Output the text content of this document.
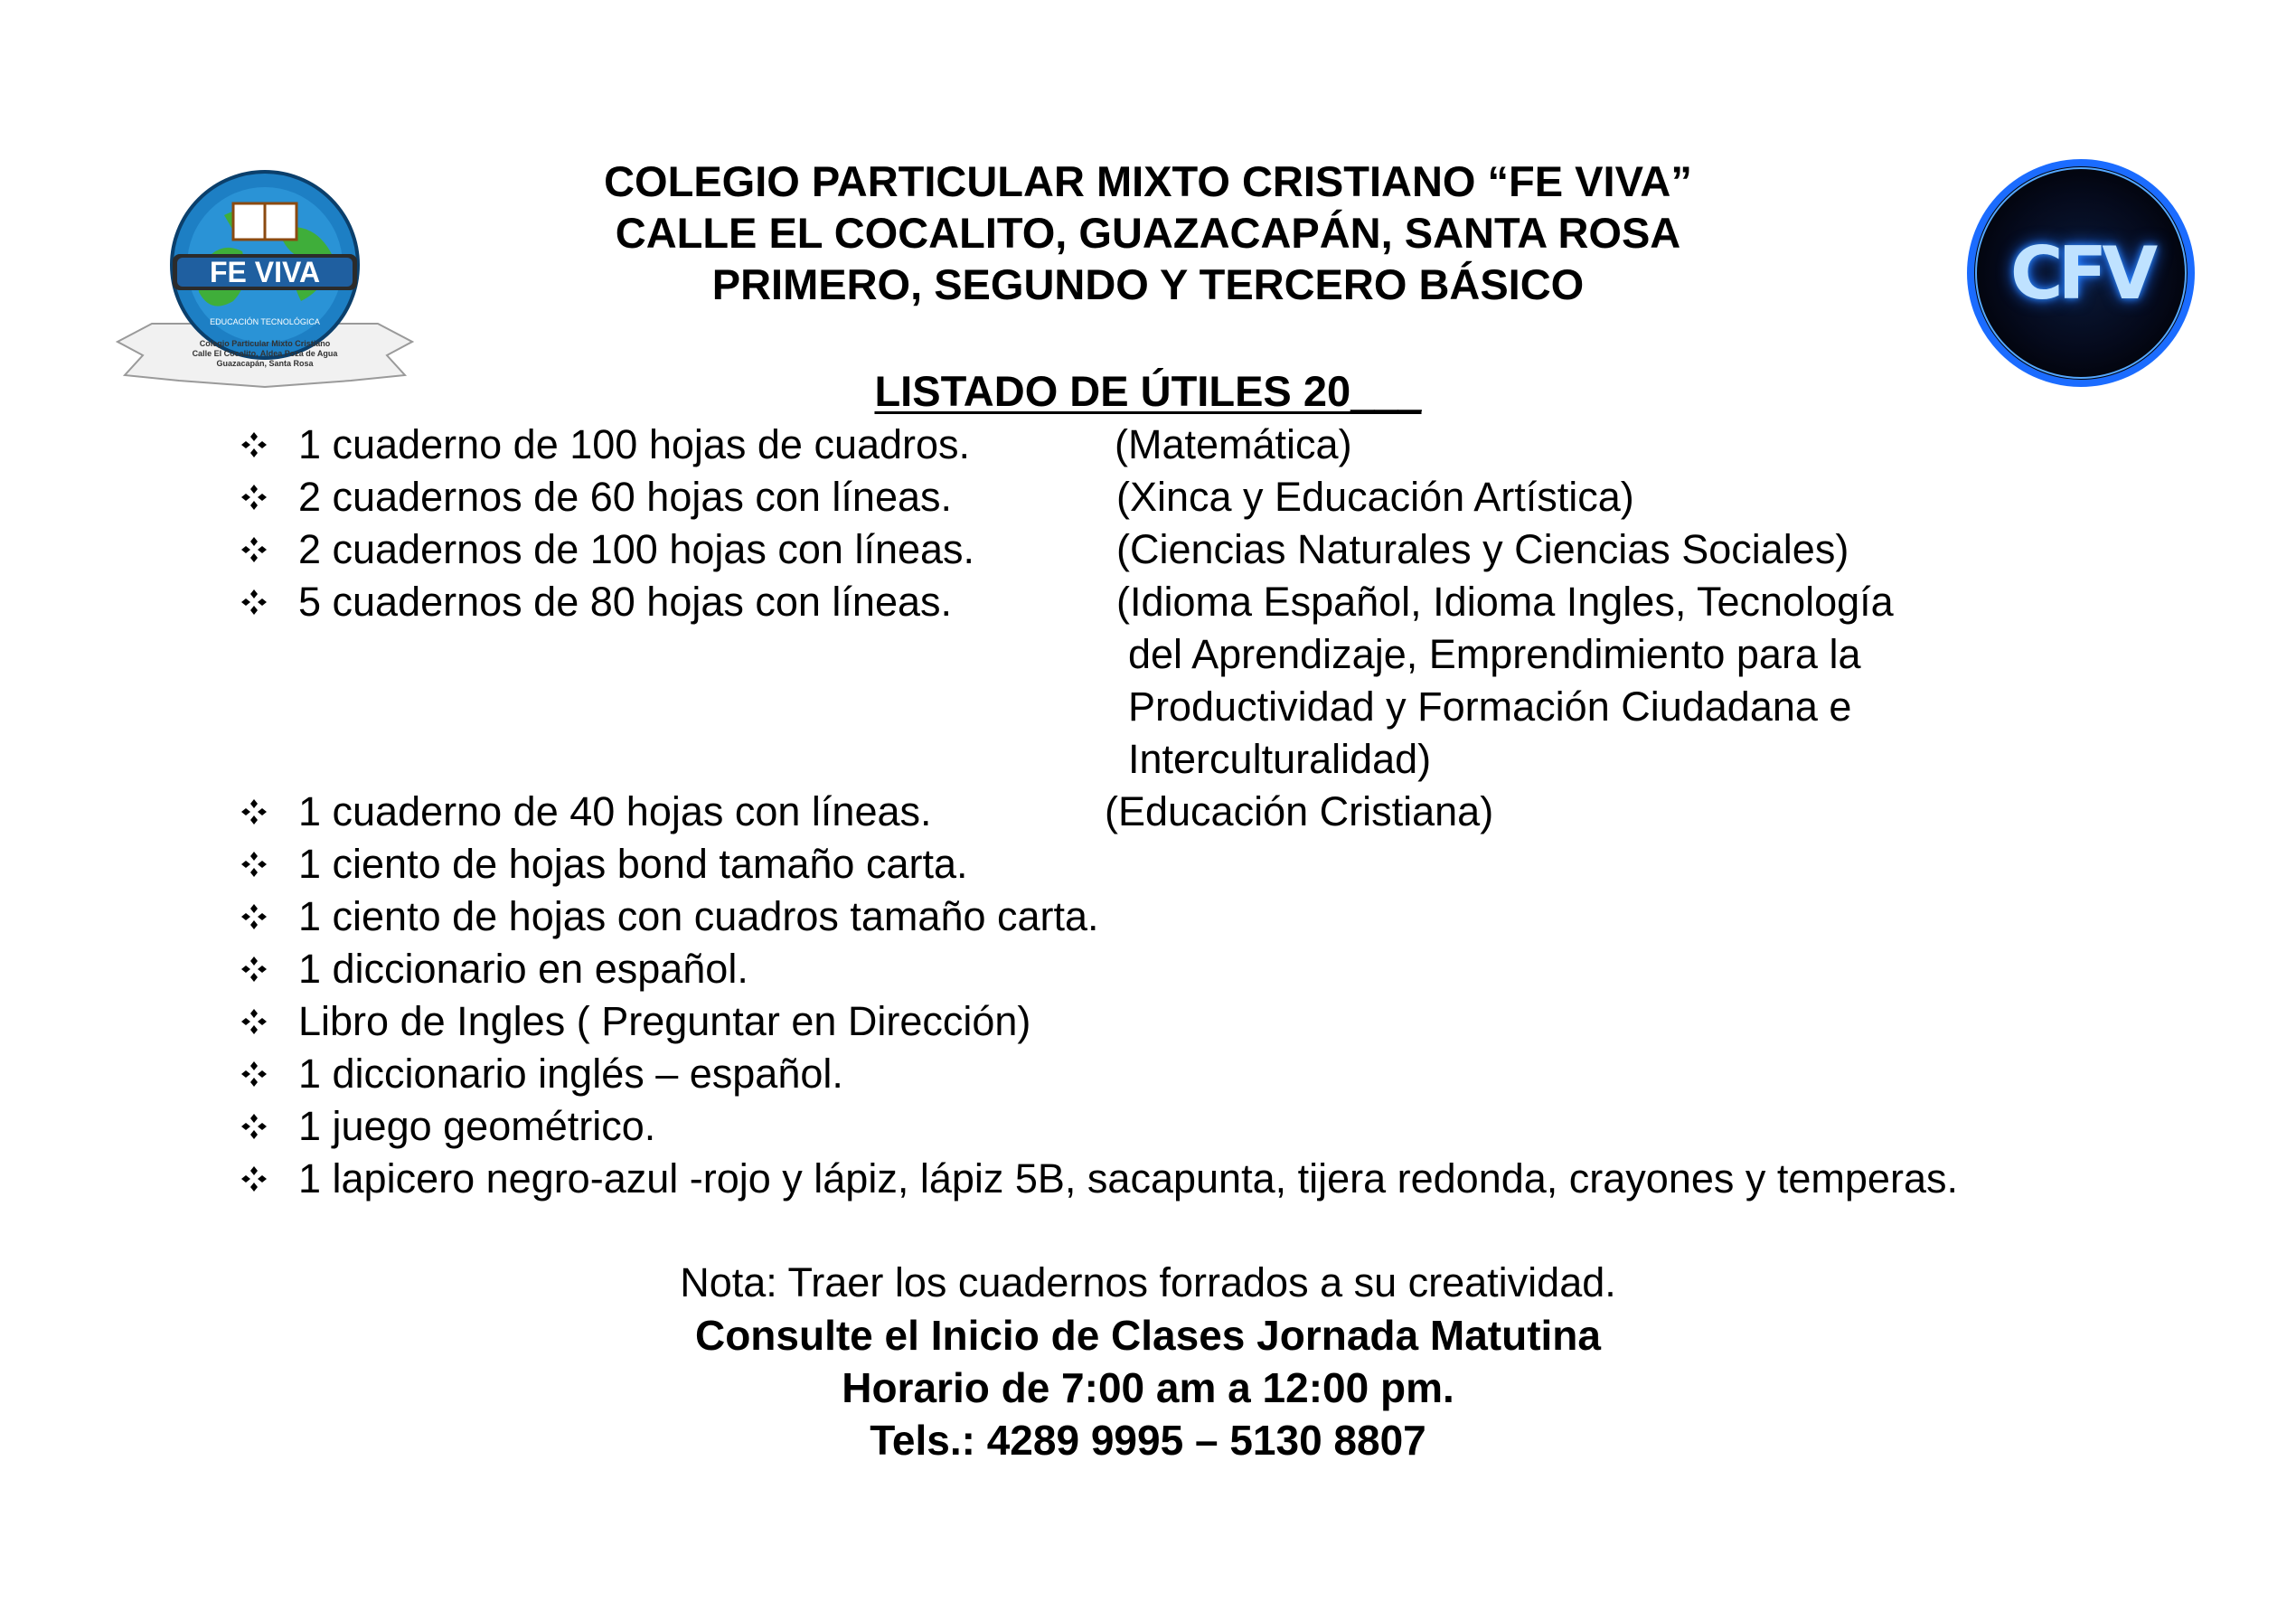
FE VIVA
EDUCACIÓN TECNOLÓGICA
Colegio Particular Mixto Cristiano
Calle El Cocalito, Aldea Poza de Agua
Guazacapán, Santa Rosa
CFV
COLEGIO PARTICULAR MIXTO CRISTIANO “FE VIVA”
CALLE EL COCALITO, GUAZACAPÁN, SANTA ROSA
PRIMERO, SEGUNDO Y TERCERO BÁSICO
LISTADO DE ÚTILES 20___
1 cuaderno de 100 hojas de cuadros.	(Matemática)
2 cuadernos de 60 hojas con líneas.	(Xinca y Educación Artística)
2 cuadernos de 100 hojas con líneas.	(Ciencias Naturales y Ciencias Sociales)
5 cuadernos de 80 hojas con líneas.	(Idioma Español, Idioma Ingles, Tecnología
del Aprendizaje, Emprendimiento para la
Productividad y Formación Ciudadana e
Interculturalidad)
1 cuaderno de 40 hojas con líneas.	(Educación Cristiana)
1 ciento de hojas bond tamaño carta.
1 ciento de hojas con cuadros tamaño carta.
1 diccionario en español.
Libro de Ingles ( Preguntar en Dirección)
1 diccionario inglés – español.
1 juego geométrico.
1 lapicero negro-azul -rojo y lápiz, lápiz 5B, sacapunta, tijera redonda, crayones y temperas.
Nota: Traer los cuadernos forrados a su creatividad.
Consulte el Inicio de Clases Jornada Matutina
Horario de 7:00 am a 12:00 pm.
Tels.: 4289 9995 – 5130 8807
